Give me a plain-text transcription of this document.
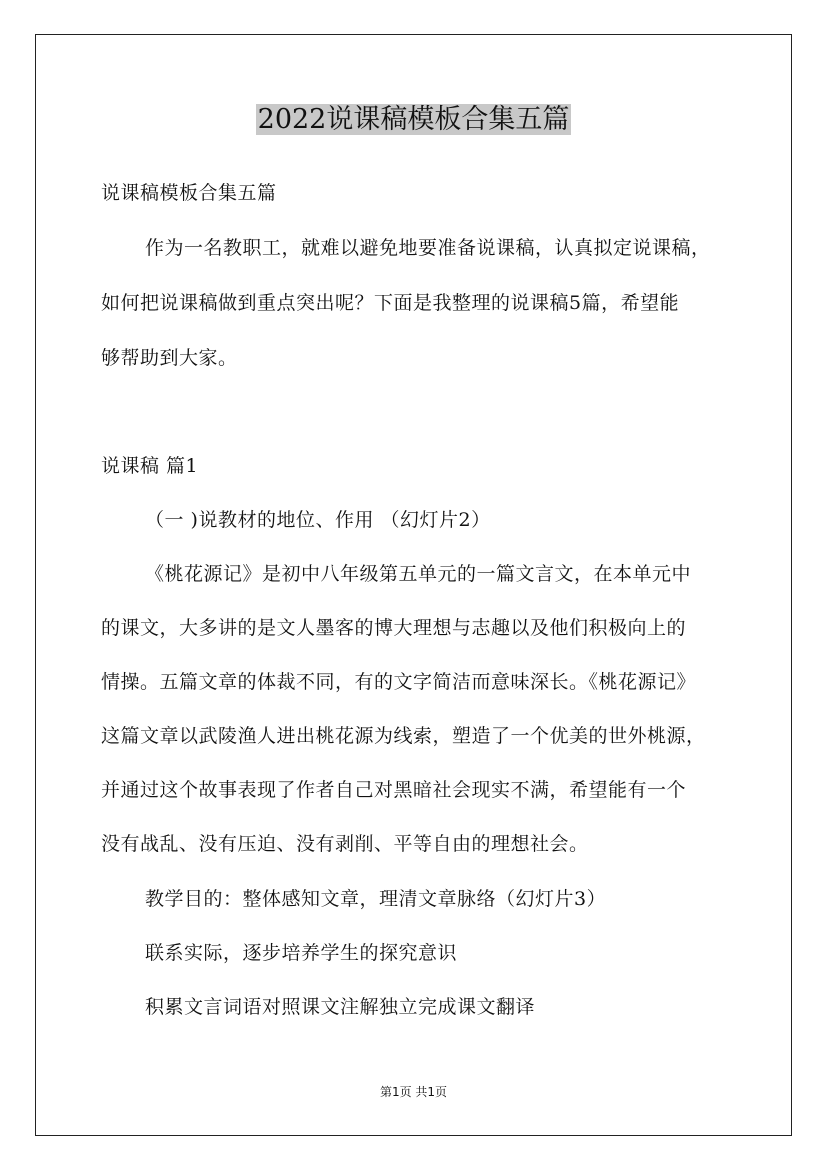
2022说课稿模板合集五篇
说课稿模板合集五篇
作为一名教职工，就难以避免地要准备说课稿，认真拟定说课稿，
如何把说课稿做到重点突出呢？下面是我整理的说课稿5篇，希望能
够帮助到大家。
说课稿 篇1
（一 )说教材的地位、作用 （幻灯片2）
《桃花源记》是初中八年级第五单元的一篇文言文，在本单元中
的课文，大多讲的是文人墨客的博大理想与志趣以及他们积极向上的
情操。五篇文章的体裁不同，有的文字简洁而意味深长。《桃花源记》
这篇文章以武陵渔人进出桃花源为线索，塑造了一个优美的世外桃源，
并通过这个故事表现了作者自己对黑暗社会现实不满，希望能有一个
没有战乱、没有压迫、没有剥削、平等自由的理想社会。
教学目的：整体感知文章，理清文章脉络（幻灯片3）
联系实际，逐步培养学生的探究意识
积累文言词语对照课文注解独立完成课文翻译
第1页 共1页
